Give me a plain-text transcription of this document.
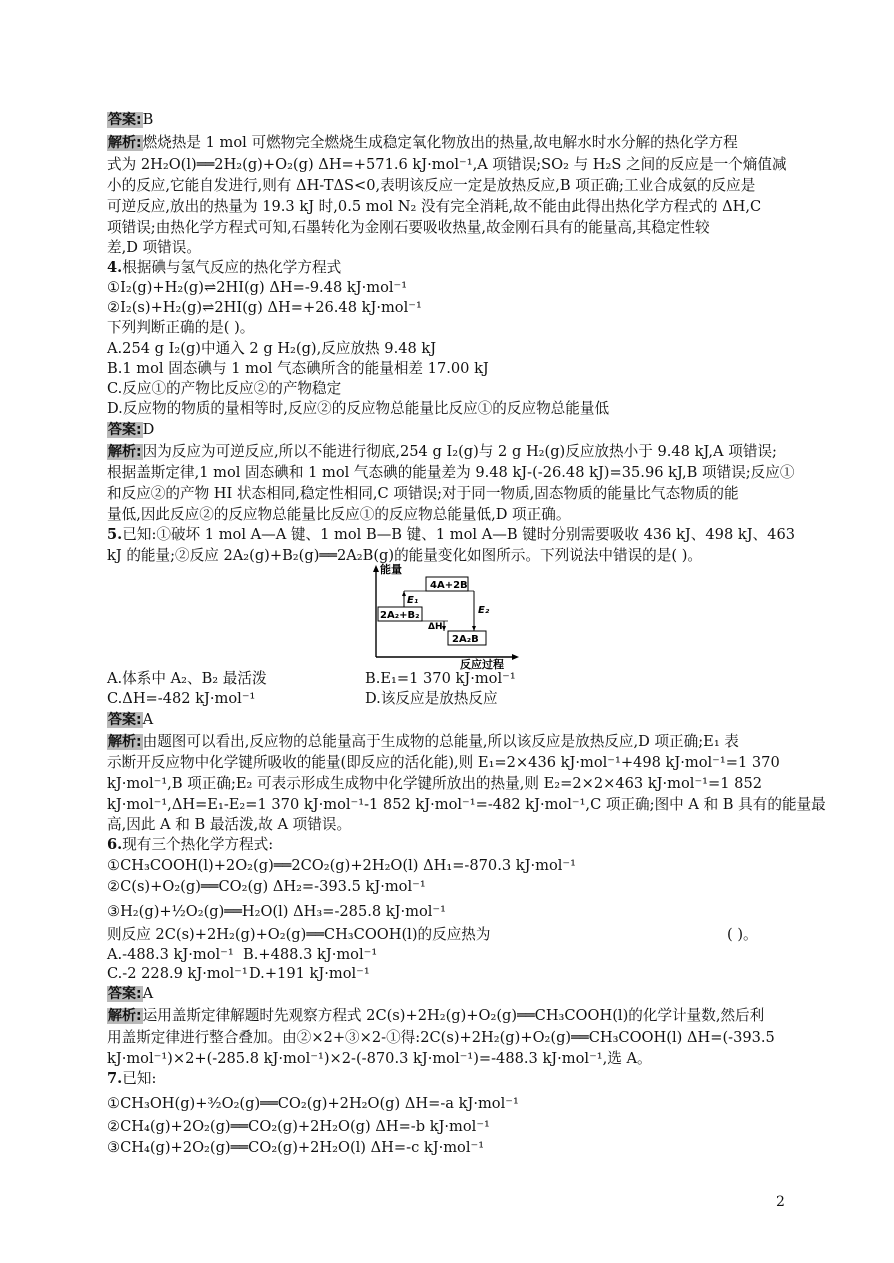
答案:B
解析:燃烧热是 1 mol 可燃物完全燃烧生成稳定氧化物放出的热量,故电解水时水分解的热化学方程
式为 2H₂O(l)══2H₂(g)+O₂(g) ΔH=+571.6 kJ·mol⁻¹,A 项错误;SO₂ 与 H₂S 之间的反应是一个熵值减
小的反应,它能自发进行,则有 ΔH-TΔS<0,表明该反应一定是放热反应,B 项正确;工业合成氨的反应是
可逆反应,放出的热量为 19.3 kJ 时,0.5 mol N₂ 没有完全消耗,故不能由此得出热化学方程式的 ΔH,C
项错误;由热化学方程式可知,石墨转化为金刚石要吸收热量,故金刚石具有的能量高,其稳定性较
差,D 项错误。
4.根据碘与氢气反应的热化学方程式
①I₂(g)+H₂(g)⇌2HI(g) ΔH=-9.48 kJ·mol⁻¹
②I₂(s)+H₂(g)⇌2HI(g) ΔH=+26.48 kJ·mol⁻¹
下列判断正确的是( )。
A.254 g I₂(g)中通入 2 g H₂(g),反应放热 9.48 kJ
B.1 mol 固态碘与 1 mol 气态碘所含的能量相差 17.00 kJ
C.反应①的产物比反应②的产物稳定
D.反应物的物质的量相等时,反应②的反应物总能量比反应①的反应物总能量低
答案:D
解析:因为反应为可逆反应,所以不能进行彻底,254 g I₂(g)与 2 g H₂(g)反应放热小于 9.48 kJ,A 项错误;
根据盖斯定律,1 mol 固态碘和 1 mol 气态碘的能量差为 9.48 kJ-(-26.48 kJ)=35.96 kJ,B 项错误;反应①
和反应②的产物 HI 状态相同,稳定性相同,C 项错误;对于同一物质,固态物质的能量比气态物质的能
量低,因此反应②的反应物总能量比反应①的反应物总能量低,D 项正确。
5.已知:①破坏 1 mol A—A 键、1 mol B—B 键、1 mol A—B 键时分别需要吸收 436 kJ、498 kJ、463
kJ 的能量;②反应 2A₂(g)+B₂(g)══2A₂B(g)的能量变化如图所示。下列说法中错误的是( )。
能量
反应过程
4A+2B
2A₂+B₂
2A₂B
E₁
E₂
ΔH
A.体系中 A₂、B₂ 最活泼	B.E₁=1 370 kJ·mol⁻¹
C.ΔH=-482 kJ·mol⁻¹	D.该反应是放热反应
答案:A
解析:由题图可以看出,反应物的总能量高于生成物的总能量,所以该反应是放热反应,D 项正确;E₁ 表
示断开反应物中化学键所吸收的能量(即反应的活化能),则 E₁=2×436 kJ·mol⁻¹+498 kJ·mol⁻¹=1 370
kJ·mol⁻¹,B 项正确;E₂ 可表示形成生成物中化学键所放出的热量,则 E₂=2×2×463 kJ·mol⁻¹=1 852
kJ·mol⁻¹,ΔH=E₁-E₂=1 370 kJ·mol⁻¹-1 852 kJ·mol⁻¹=-482 kJ·mol⁻¹,C 项正确;图中 A 和 B 具有的能量最
高,因此 A 和 B 最活泼,故 A 项错误。
6.现有三个热化学方程式:
①CH₃COOH(l)+2O₂(g)══2CO₂(g)+2H₂O(l) ΔH₁=-870.3 kJ·mol⁻¹
②C(s)+O₂(g)══CO₂(g) ΔH₂=-393.5 kJ·mol⁻¹
③H₂(g)+½O₂(g)══H₂O(l) ΔH₃=-285.8 kJ·mol⁻¹
则反应 2C(s)+2H₂(g)+O₂(g)══CH₃COOH(l)的反应热为	( )。
A.-488.3 kJ·mol⁻¹ B.+488.3 kJ·mol⁻¹
C.-2 228.9 kJ·mol⁻¹ D.+191 kJ·mol⁻¹
答案:A
解析:运用盖斯定律解题时先观察方程式 2C(s)+2H₂(g)+O₂(g)══CH₃COOH(l)的化学计量数,然后利
用盖斯定律进行整合叠加。由②×2+③×2-①得:2C(s)+2H₂(g)+O₂(g)══CH₃COOH(l) ΔH=(-393.5
kJ·mol⁻¹)×2+(-285.8 kJ·mol⁻¹)×2-(-870.3 kJ·mol⁻¹)=-488.3 kJ·mol⁻¹,选 A。
7.已知:
①CH₃OH(g)+³⁄₂O₂(g)══CO₂(g)+2H₂O(g) ΔH=-a kJ·mol⁻¹
②CH₄(g)+2O₂(g)══CO₂(g)+2H₂O(g) ΔH=-b kJ·mol⁻¹
③CH₄(g)+2O₂(g)══CO₂(g)+2H₂O(l) ΔH=-c kJ·mol⁻¹
2
